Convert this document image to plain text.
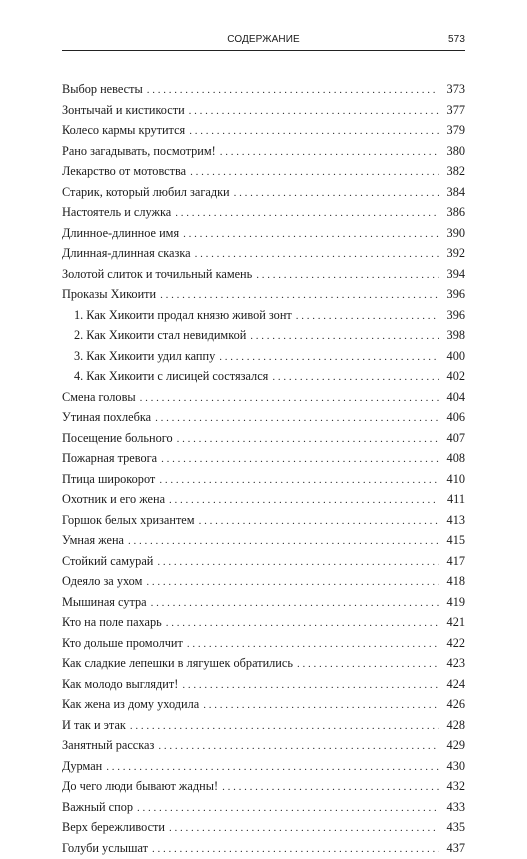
СОДЕРЖАНИЕ	573
Выбор невесты . . .	373
Зонтычай и кистикости . . .	377
Колесо кармы крутится . . .	379
Рано загадывать, посмотрим! . . .	380
Лекарство от мотовства . . .	382
Старик, который любил загадки . . .	384
Настоятель и служка . . .	386
Длинное-длинное имя . . .	390
Длинная-длинная сказка . . .	392
Золотой слиток и точильный камень . . .	394
Проказы Хикоити . . .	396
1. Как Хикоити продал князю живой зонт . . .	396
2. Как Хикоити стал невидимкой . . .	398
3. Как Хикоити удил каппу . . .	400
4. Как Хикоити с лисицей состязался . . .	402
Смена головы . . .	404
Утиная похлебка . . .	406
Посещение больного . . .	407
Пожарная тревога . . .	408
Птица широкорот . . .	410
Охотник и его жена . . .	411
Горшок белых хризантем . . .	413
Умная жена . . .	415
Стойкий самурай . . .	417
Одеяло за ухом . . .	418
Мышиная сутра . . .	419
Кто на поле пахарь . . .	421
Кто дольше промолчит . . .	422
Как сладкие лепешки в лягушек обратились . . .	423
Как молодо выглядит! . . .	424
Как жена из дому уходила . . .	426
И так и этак . . .	428
Занятный рассказ . . .	429
Дурман . . .	430
До чего люди бывают жадны! . . .	432
Важный спор . . .	433
Верх бережливости . . .	435
Голуби услышат . . .	437
